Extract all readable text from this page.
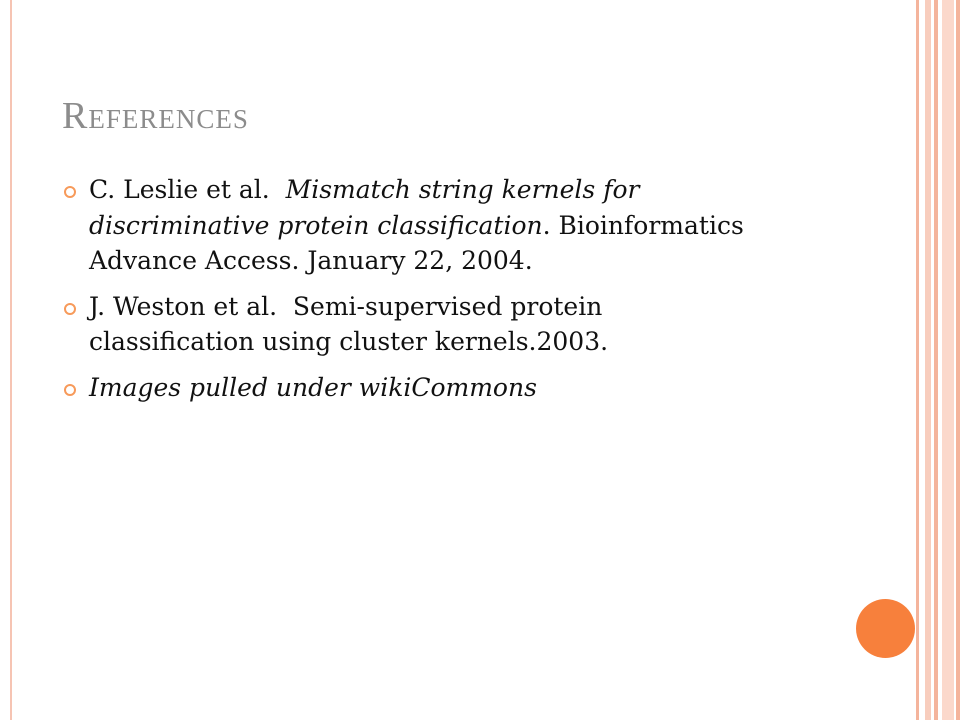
References
C. Leslie et al.  Mismatch string kernels for discriminative protein classification. Bioinformatics Advance Access. January 22, 2004.
J. Weston et al.  Semi-supervised protein classification using cluster kernels.2003.
Images pulled under wikiCommons
